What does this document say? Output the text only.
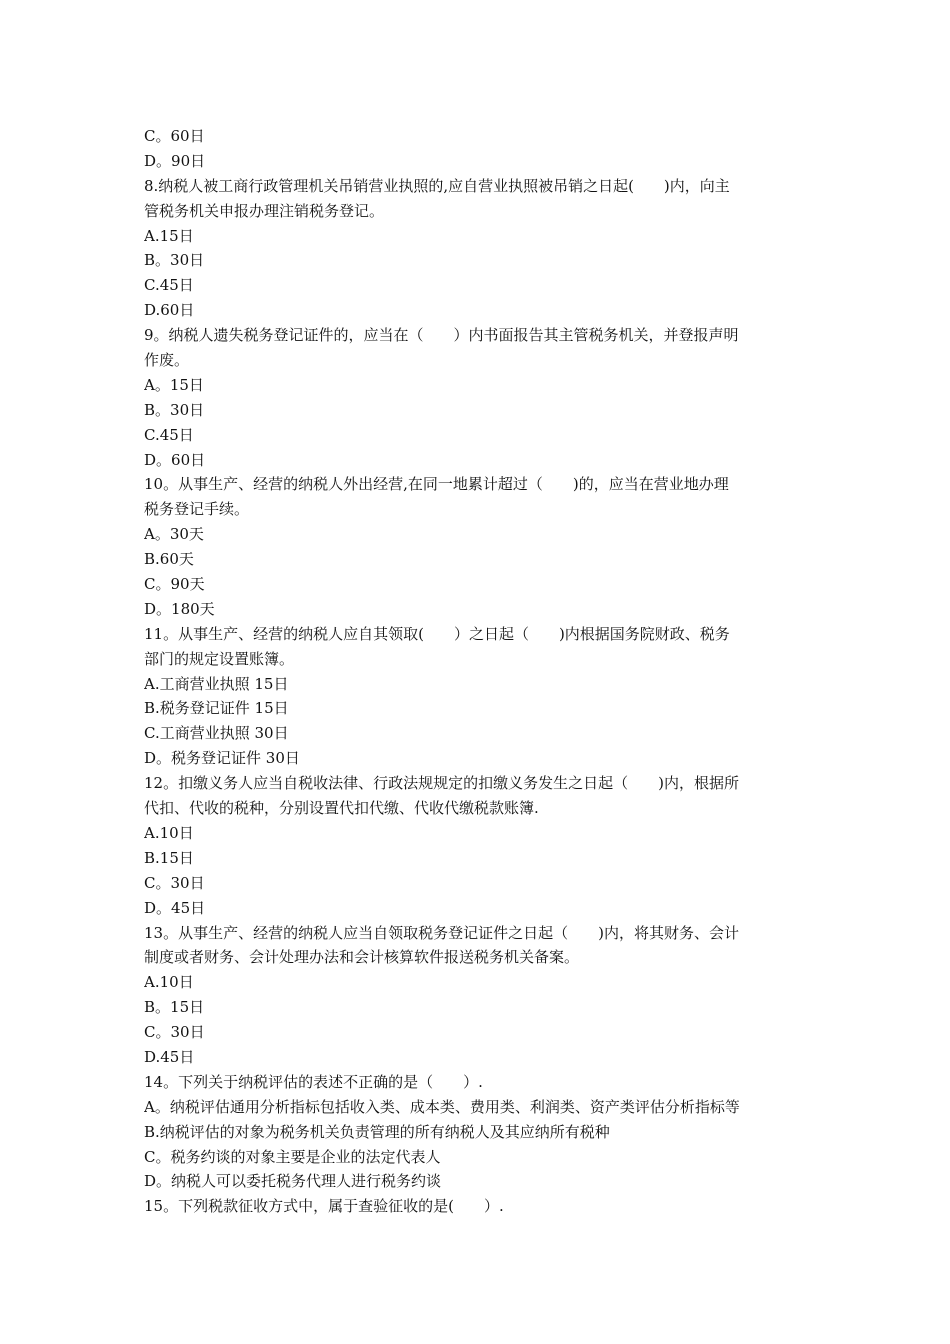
C。60日
D。90日
8.纳税人被工商行政管理机关吊销营业执照的,应自营业执照被吊销之日起(　　)内，向主
管税务机关申报办理注销税务登记。
A.15日
B。30日
C.45日
D.60日
9。纳税人遗失税务登记证件的，应当在（　　）内书面报告其主管税务机关，并登报声明
作废。
A。15日
B。30日
C.45日
D。60日
10。从事生产、经营的纳税人外出经营,在同一地累计超过（　　)的，应当在营业地办理
税务登记手续。
A。30天
B.60天
C。90天
D。180天
11。从事生产、经营的纳税人应自其领取(　　）之日起（　　)内根据国务院财政、税务
部门的规定设置账簿。
A.工商营业执照 15日
B.税务登记证件 15日
C.工商营业执照 30日
D。税务登记证件 30日
12。扣缴义务人应当自税收法律、行政法规规定的扣缴义务发生之日起（　　)内，根据所
代扣、代收的税种，分别设置代扣代缴、代收代缴税款账簿.
A.10日
B.15日
C。30日
D。45日
13。从事生产、经营的纳税人应当自领取税务登记证件之日起（　　)内，将其财务、会计
制度或者财务、会计处理办法和会计核算软件报送税务机关备案。
A.10日
B。15日
C。30日
D.45日
14。下列关于纳税评估的表述不正确的是（　　）.
A。纳税评估通用分析指标包括收入类、成本类、费用类、利润类、资产类评估分析指标等
B.纳税评估的对象为税务机关负责管理的所有纳税人及其应纳所有税种
C。税务约谈的对象主要是企业的法定代表人
D。纳税人可以委托税务代理人进行税务约谈
15。下列税款征收方式中，属于查验征收的是(　　）.
